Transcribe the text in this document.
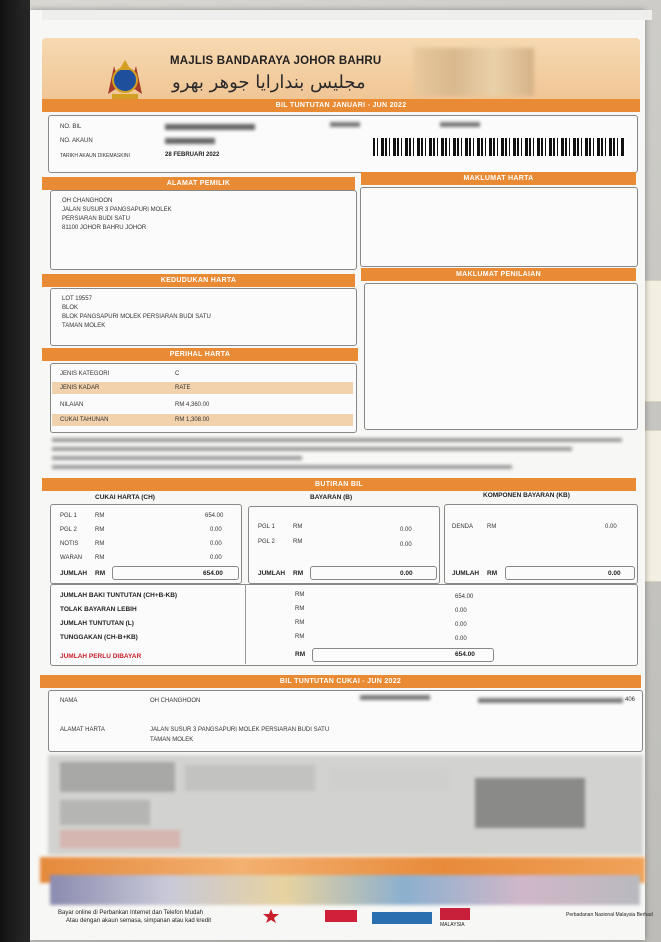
MAJLIS BANDARAYA JOHOR BAHRU
مجليس بندارايا جوهر بهرو
BIL TUNTUTAN JANUARI - JUN 2022
NO. BIL
NO. AKAUN
TARIKH AKAUN DIKEMASKINI	28 FEBRUARI 2022
ALAMAT PEMILIK
MAKLUMAT HARTA
OH CHANGHOON
JALAN SUSUR 3 PANGSAPURI MOLEK
PERSIARAN BUDI SATU
81100 JOHOR BAHRU JOHOR
KEDUDUKAN HARTA
MAKLUMAT PENILAIAN
LOT 19557
BLOK
BLOK PANGSAPURI MOLEK PERSIARAN BUDI SATU
TAMAN MOLEK
PERIHAL HARTA
JENIS KATEGORI	C
JENIS KADAR	RATE
NILAIAN	RM 4,360.00
CUKAI TAHUNAN	RM 1,308.00
BUTIRAN BIL
CUKAI HARTA (CH)	BAYARAN (B)	KOMPONEN BAYARAN (KB)
PGL 1	RM	654.00
PGL 2	RM	0.00
NOTIS	RM	0.00
WARAN RM	0.00
JUMLAH RM	654.00
PGL 1	RM	0.00
PGL 2	RM	0.00
JUMLAH RM	0.00
DENDA RM	0.00
JUMLAH RM	0.00
JUMLAH BAKI TUNTUTAN (CH+B-KB)	RM	654.00
TOLAK BAYARAN LEBIH	RM	0.00
JUMLAH TUNTUTAN (L)	RM	0.00
TUNGGAKAN (CH-B+KB)	RM	0.00
JUMLAH PERLU DIBAYAR	RM	654.00
BIL TUNTUTAN CUKAI - JUN 2022
NAMA	OH CHANGHOON	406
ALAMAT HARTA	JALAN SUSUR 3 PANGSAPURI MOLEK PERSIARAN BUDI SATU
TAMAN MOLEK
Bayar online di Perbankan Internet dan Telefon Mudah
Atau dengan akaun semasa, simpanan atau kad kredit
MALAYSIA
Perbadanan Nasional Malaysia Berhad
